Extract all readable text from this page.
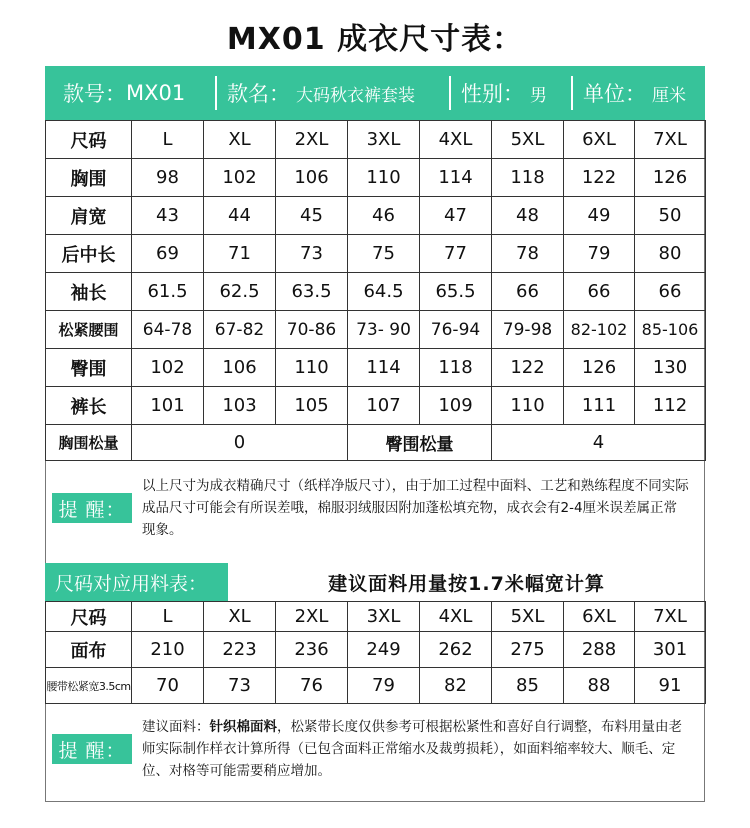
MX01 成衣尺寸表：
款号： MX01 款名： 大码秋衣裤套装 性别： 男 单位： 厘米
尺码	L	XL	2XL	3XL	4XL	5XL	6XL	7XL
胸围	98	102	106	110	114	118	122	126
肩宽	43	44	45	46	47	48	49	50
后中长	69	71	73	75	77	78	79	80
袖长	61.5	62.5	63.5	64.5	65.5	66	66	66
松紧腰围	64-78	67-82	70-86	73- 90	76-94	79-98	82-102	85-106
臀围	102	106	110	114	118	122	126	130
裤长	101	103	105	107	109	110	111	112
胸围松量	0			臀围松量		4		
提 醒：
以上尺寸为成衣精确尺寸（纸样净版尺寸），由于加工过程中面料、工艺和熟练程度不同实际成品尺寸可能会有所误差哦，棉服羽绒服因附加蓬松填充物，成衣会有2-4厘米误差属正常现象。
尺码对应用料表：	建议面料用量按1.7米幅宽计算
尺码	L	XL	2XL	3XL	4XL	5XL	6XL	7XL
面布	210	223	236	249	262	275	288	301
腰带松紧宽3.5cm	70	73	76	79	82	85	88	91
提 醒：
建议面料：针织棉面料，松紧带长度仅供参考可根据松紧性和喜好自行调整，布料用量由老师实际制作样衣计算所得（已包含面料正常缩水及裁剪损耗），如面料缩率较大、顺毛、定位、对格等可能需要稍应增加。
